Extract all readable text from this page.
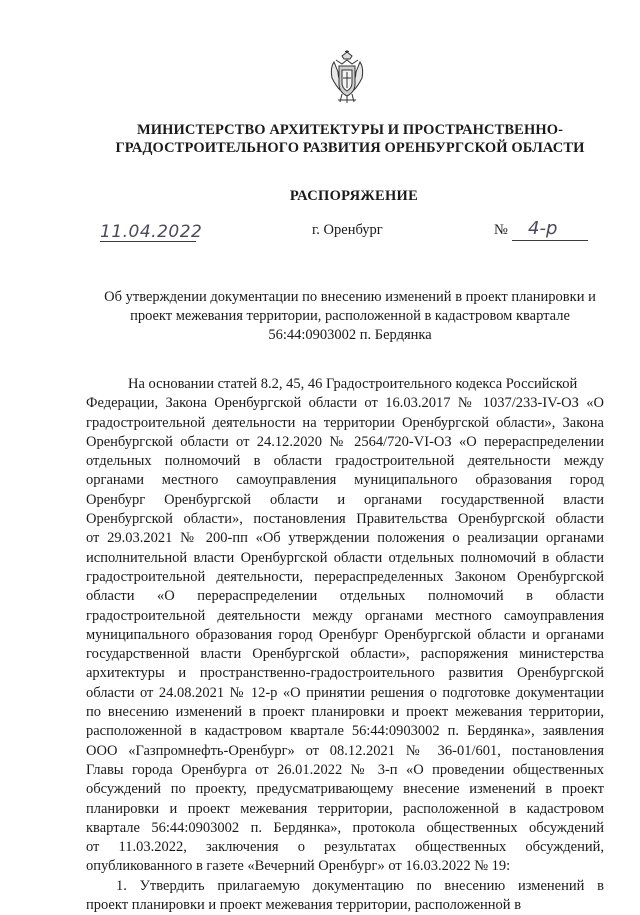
МИНИСТЕРСТВО АРХИТЕКТУРЫ И ПРОСТРАНСТВЕННО-
ГРАДОСТРОИТЕЛЬНОГО РАЗВИТИЯ ОРЕНБУРГСКОЙ ОБЛАСТИ
РАСПОРЯЖЕНИЕ
11.04.2022	г. Оренбург	№ 4-р
Об утверждении документации по внесению изменений в проект планировки и
проект межевания территории, расположенной в кадастровом квартале
56:44:0903002 п. Бердянка
На основании статей 8.2, 45, 46 Градостроительного кодекса Российской
Федерации, Закона Оренбургской области от 16.03.2017 № 1037/233-IV-ОЗ «О
градостроительной деятельности на территории Оренбургской области», Закона
Оренбургской области от 24.12.2020 № 2564/720-VI-ОЗ «О перераспределении
отдельных полномочий в области градостроительной деятельности между
органами местного самоуправления муниципального образования город
Оренбург Оренбургской области и органами государственной власти
Оренбургской области», постановления Правительства Оренбургской области
от 29.03.2021 № 200-пп «Об утверждении положения о реализации органами
исполнительной власти Оренбургской области отдельных полномочий в области
градостроительной деятельности, перераспределенных Законом Оренбургской
области «О перераспределении отдельных полномочий в области
градостроительной деятельности между органами местного самоуправления
муниципального образования город Оренбург Оренбургской области и органами
государственной власти Оренбургской области», распоряжения министерства
архитектуры и пространственно-градостроительного развития Оренбургской
области от 24.08.2021 № 12-р «О принятии решения о подготовке документации
по внесению изменений в проект планировки и проект межевания территории,
расположенной в кадастровом квартале 56:44:0903002 п. Бердянка», заявления
ООО «Газпромнефть-Оренбург» от 08.12.2021 № 36-01/601, постановления
Главы города Оренбурга от 26.01.2022 № 3-п «О проведении общественных
обсуждений по проекту, предусматривающему внесение изменений в проект
планировки и проект межевания территории, расположенной в кадастровом
квартале 56:44:0903002 п. Бердянка», протокола общественных обсуждений
от 11.03.2022, заключения о результатах общественных обсуждений,
опубликованного в газете «Вечерний Оренбург» от 16.03.2022 № 19:
1. Утвердить прилагаемую документацию по внесению изменений в
проект планировки и проект межевания территории, расположенной в
